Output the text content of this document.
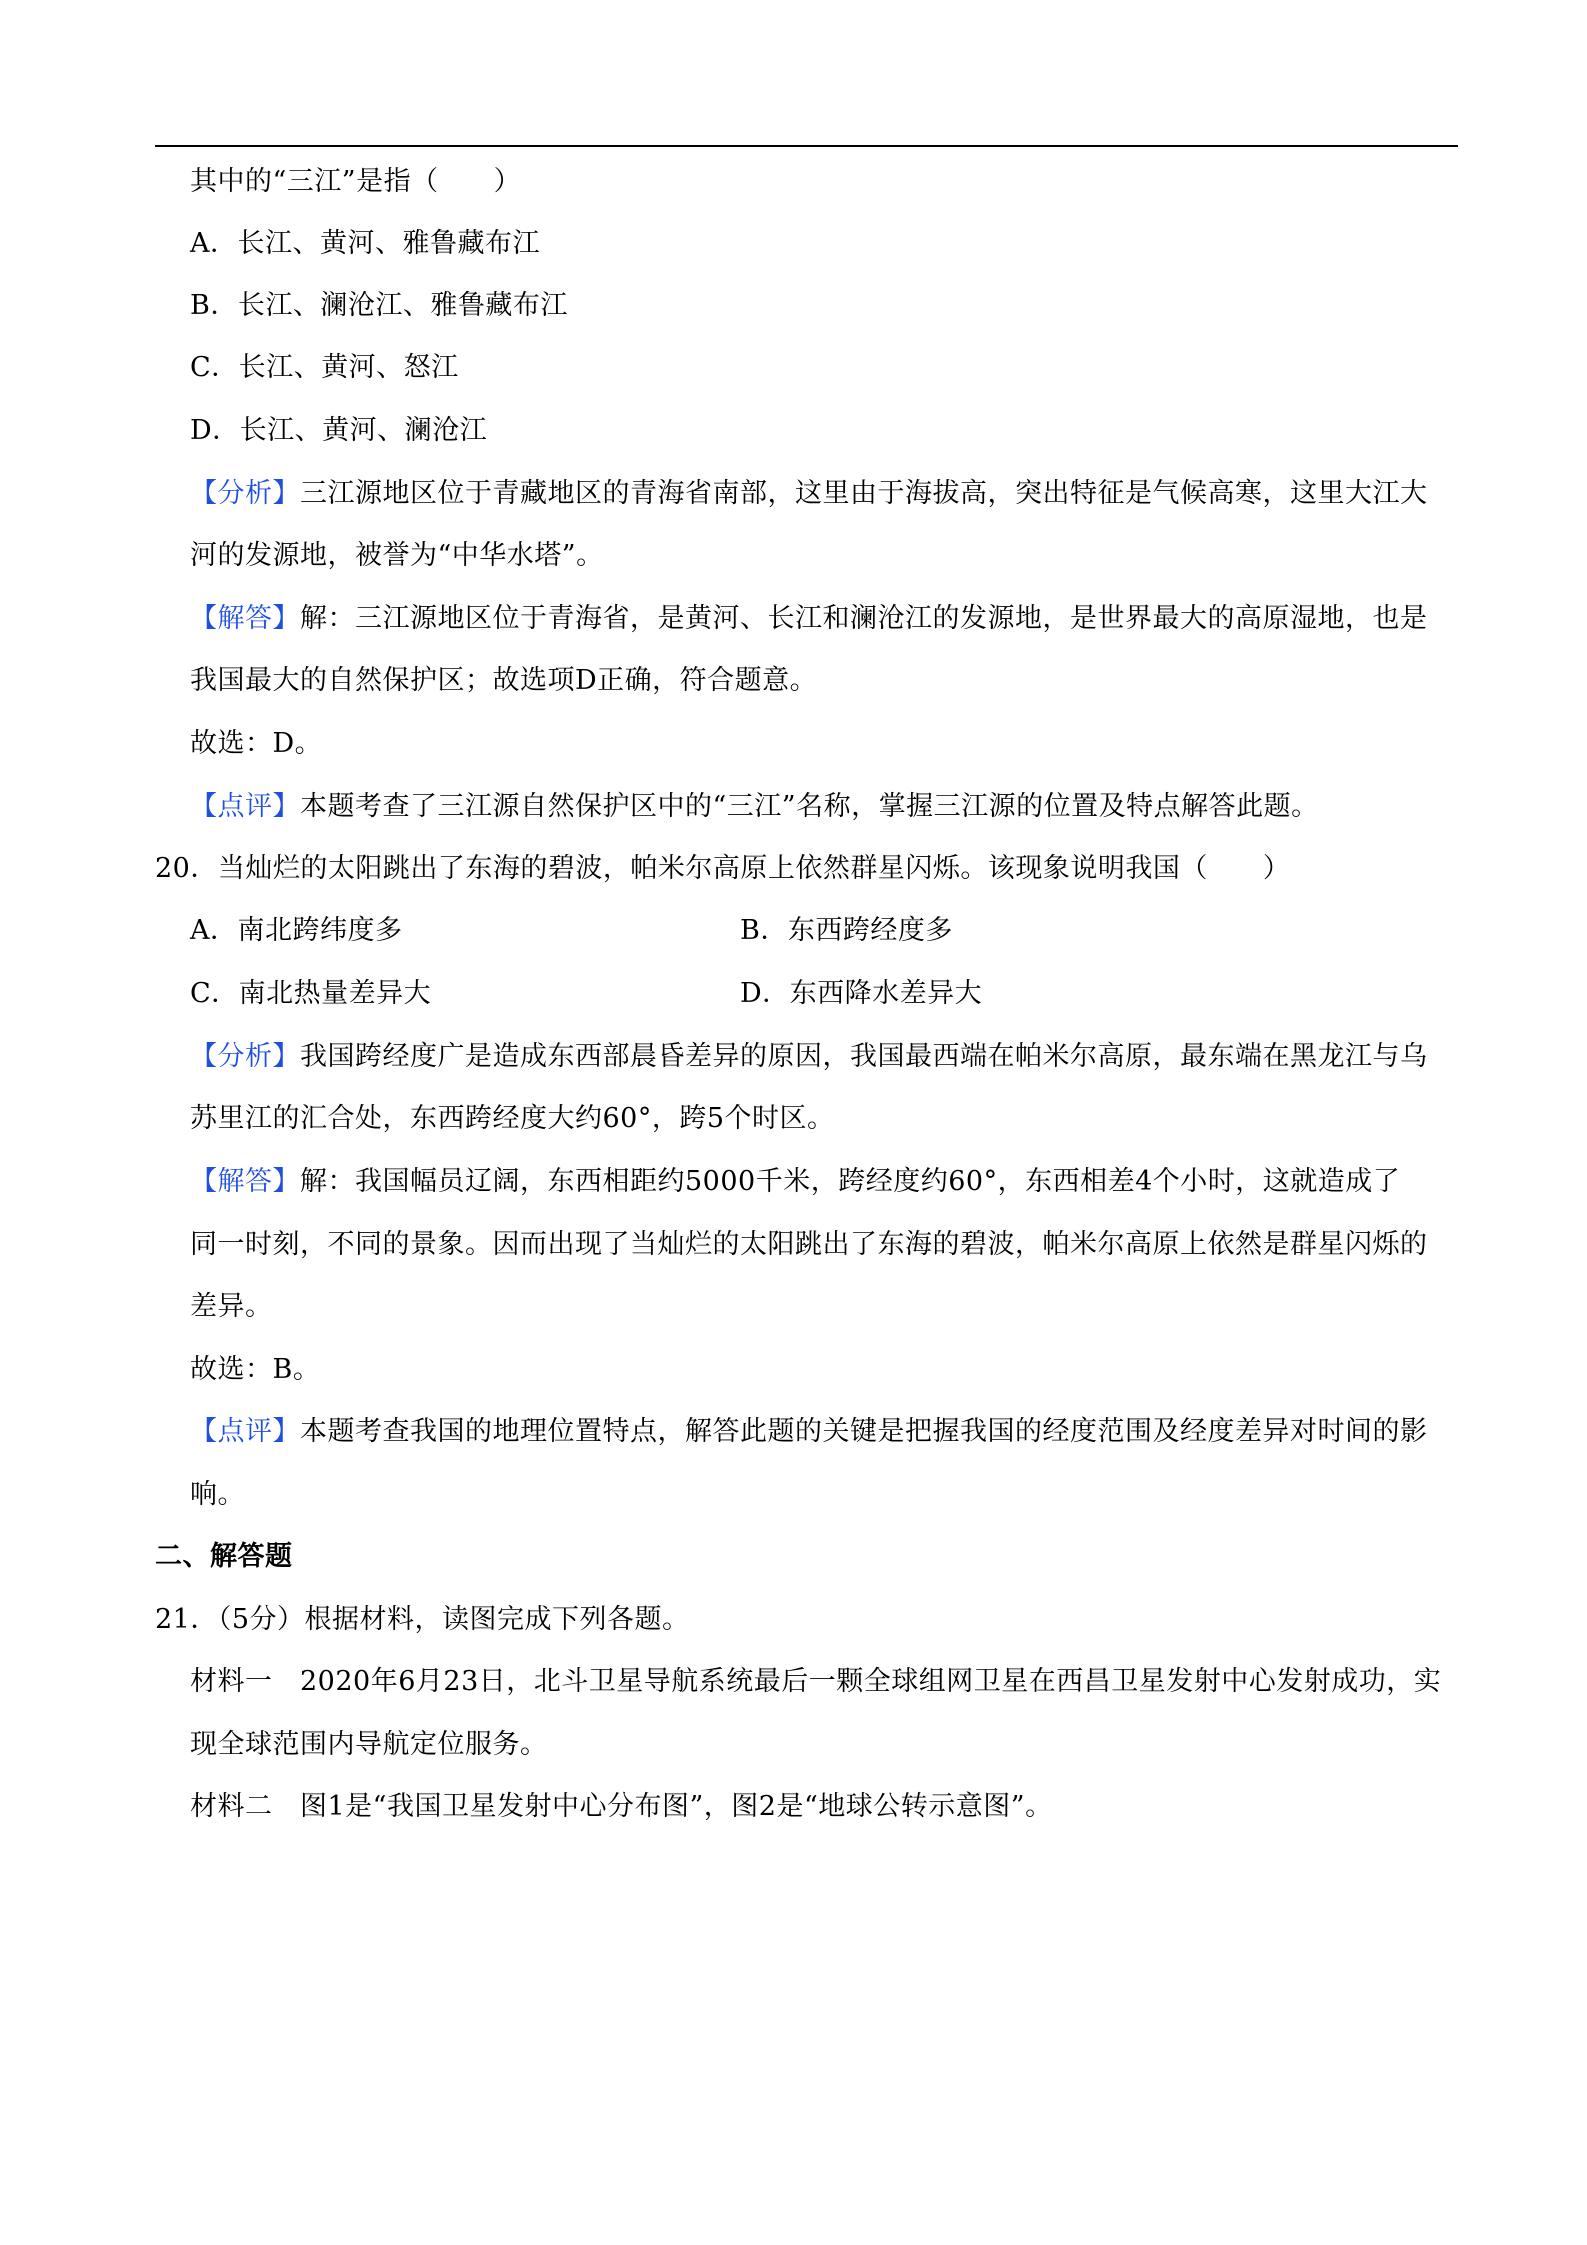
其中的“三江”是指（　　）
A．长江、黄河、雅鲁藏布江
B．长江、澜沧江、雅鲁藏布江
C．长江、黄河、怒江
D．长江、黄河、澜沧江
【分析】三江源地区位于青藏地区的青海省南部，这里由于海拔高，突出特征是气候高寒，这里大江大
河的发源地，被誉为“中华水塔”。
【解答】解：三江源地区位于青海省，是黄河、长江和澜沧江的发源地，是世界最大的高原湿地，也是
我国最大的自然保护区；故选项D正确，符合题意。
故选：D。
【点评】本题考查了三江源自然保护区中的“三江”名称，掌握三江源的位置及特点解答此题。
20．当灿烂的太阳跳出了东海的碧波，帕米尔高原上依然群星闪烁。该现象说明我国（　　）
A．南北跨纬度多	B．东西跨经度多
C．南北热量差异大	D．东西降水差异大
【分析】我国跨经度广是造成东西部晨昏差异的原因，我国最西端在帕米尔高原，最东端在黑龙江与乌
苏里江的汇合处，东西跨经度大约60°，跨5个时区。
【解答】解：我国幅员辽阔，东西相距约5000千米，跨经度约60°，东西相差4个小时，这就造成了
同一时刻，不同的景象。因而出现了当灿烂的太阳跳出了东海的碧波，帕米尔高原上依然是群星闪烁的
差异。
故选：B。
【点评】本题考查我国的地理位置特点，解答此题的关键是把握我国的经度范围及经度差异对时间的影
响。
二、解答题
21．（5分）根据材料，读图完成下列各题。
材料一　2020年6月23日，北斗卫星导航系统最后一颗全球组网卫星在西昌卫星发射中心发射成功，实
现全球范围内导航定位服务。
材料二　图1是“我国卫星发射中心分布图”，图2是“地球公转示意图”。
